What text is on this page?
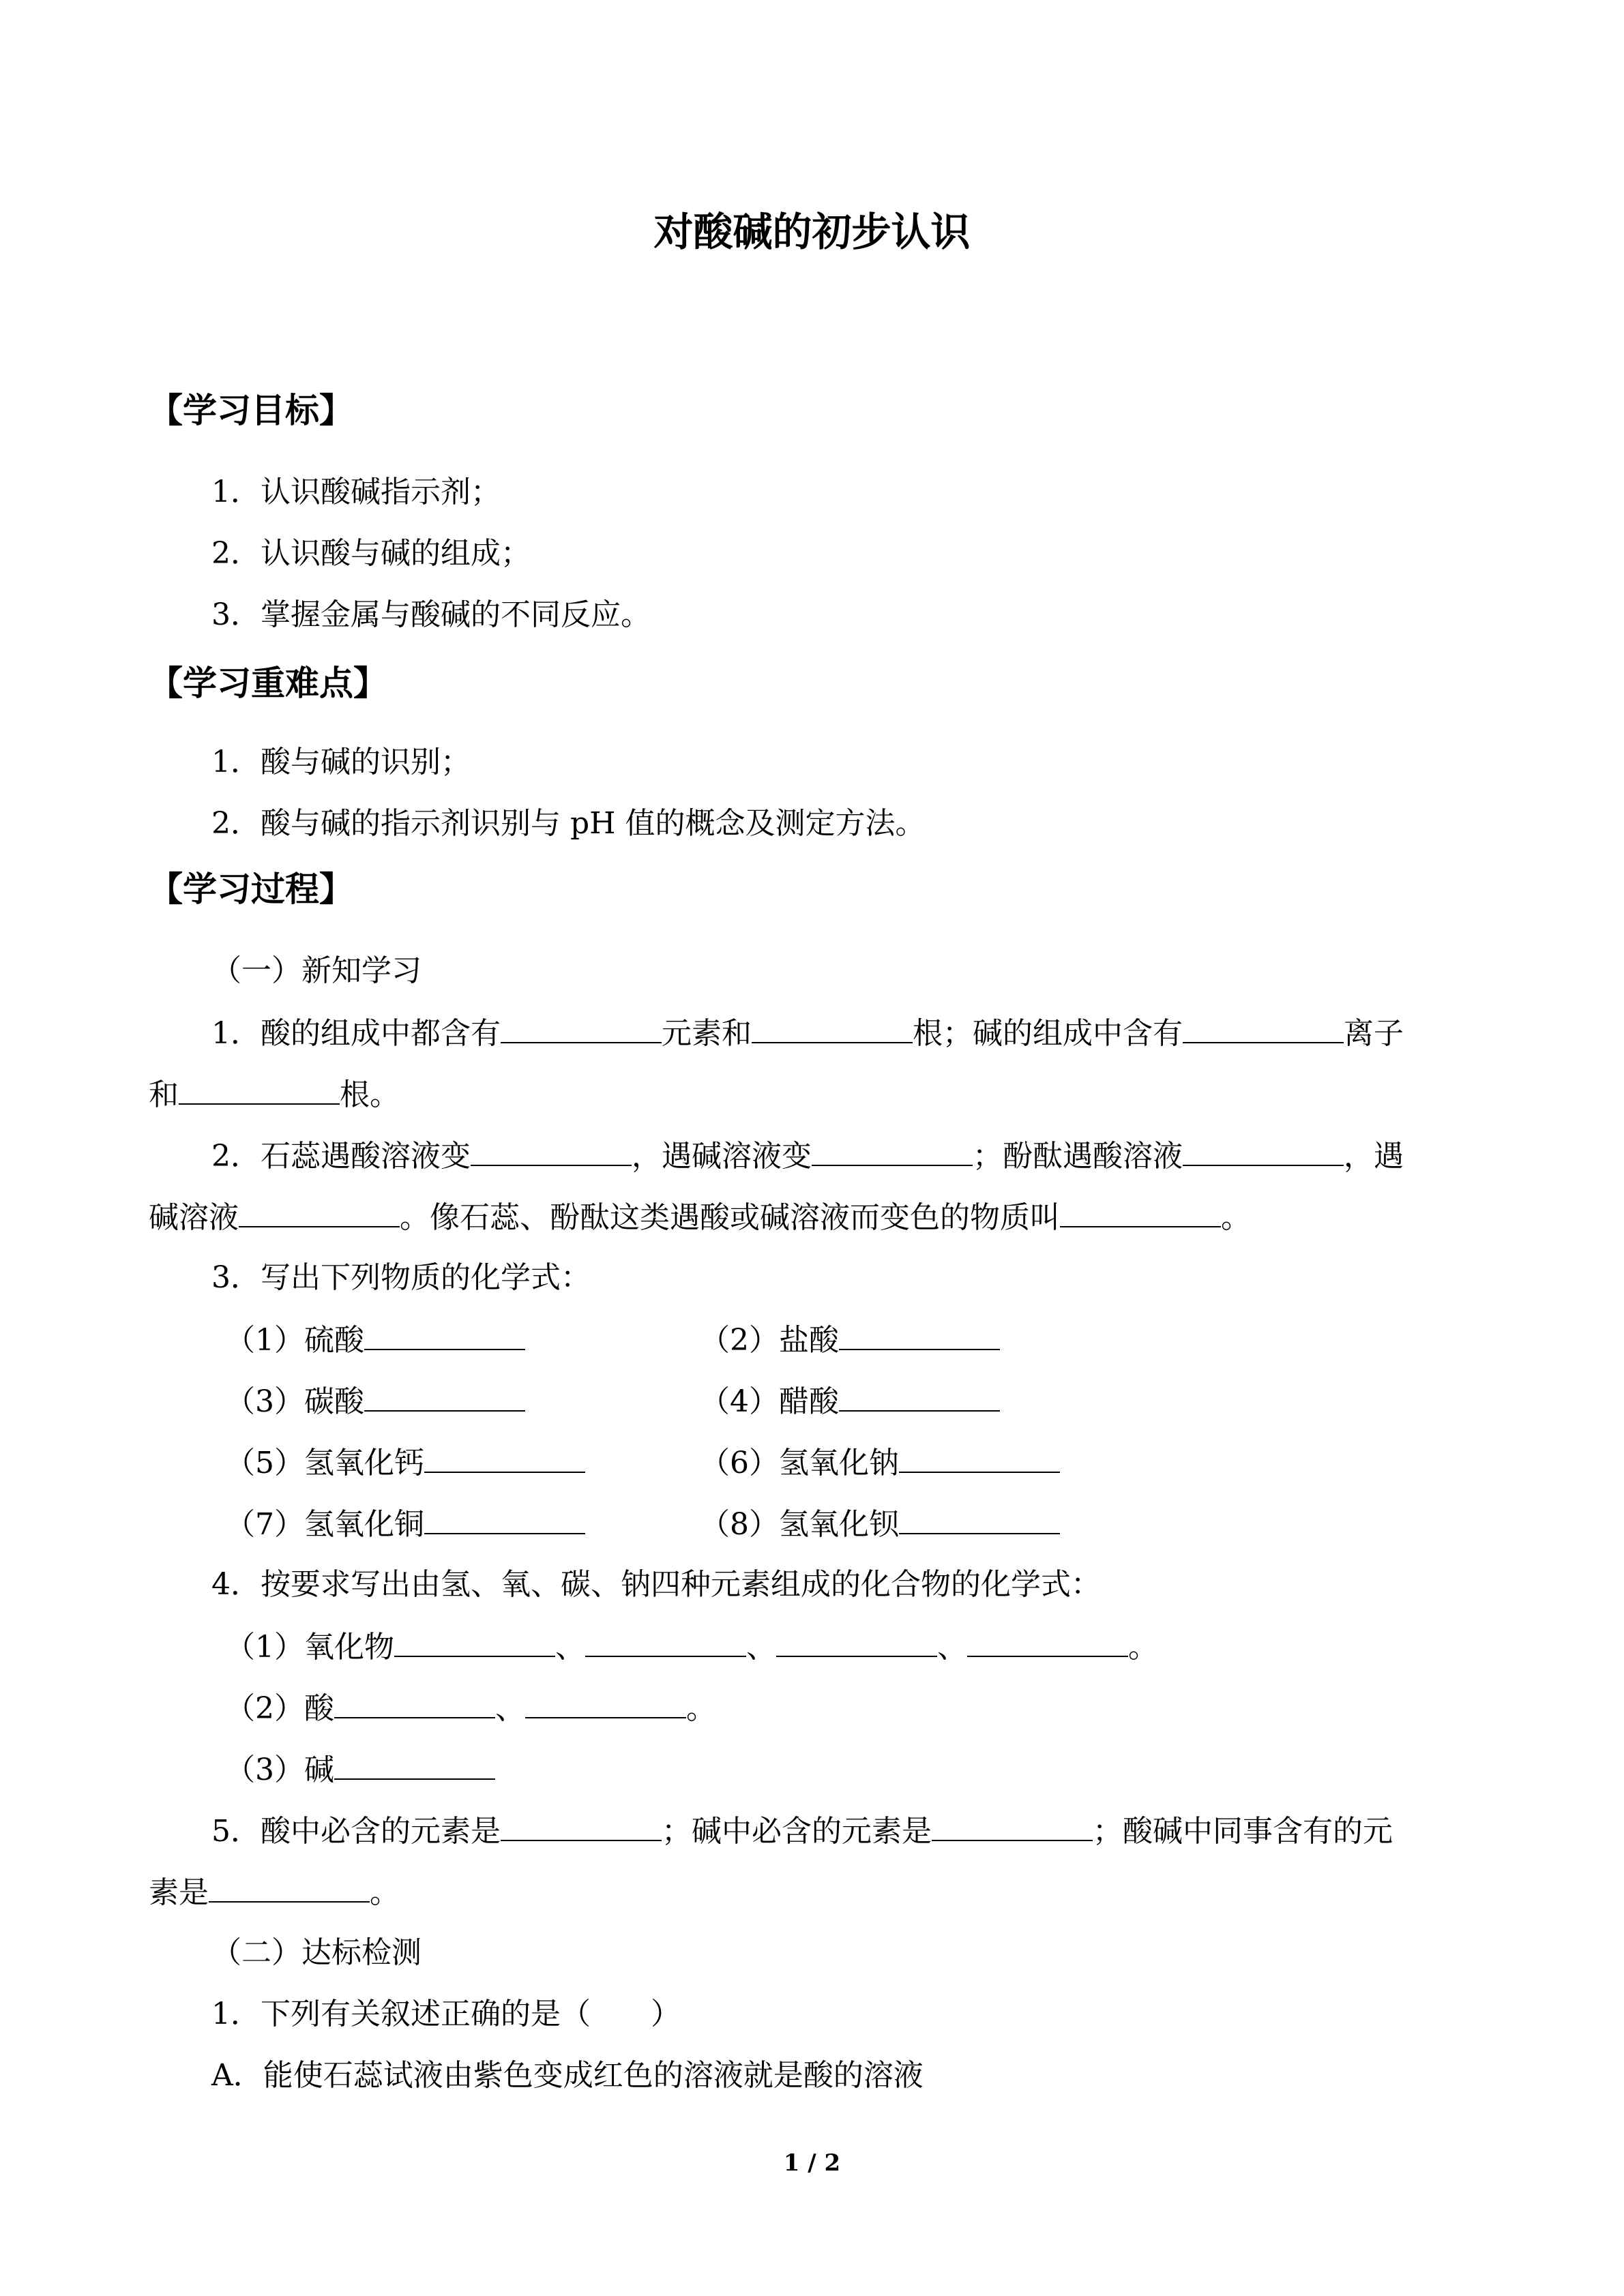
对酸碱的初步认识
【学习目标】
1．认识酸碱指示剂；
2．认识酸与碱的组成；
3．掌握金属与酸碱的不同反应。
【学习重难点】
1．酸与碱的识别；
2．酸与碱的指示剂识别与 pH 值的概念及测定方法。
【学习过程】
（一）新知学习
1．酸的组成中都含有	元素和	根；碱的组成中含有	离子
和	根。
2．石蕊遇酸溶液变	，遇碱溶液变	；酚酞遇酸溶液	，遇
碱溶液	。像石蕊、酚酞这类遇酸或碱溶液而变色的物质叫	。
3．写出下列物质的化学式：
（1）硫酸	（2）盐酸
（3）碳酸	（4）醋酸
（5）氢氧化钙	（6）氢氧化钠
（7）氢氧化铜	（8）氢氧化钡
4．按要求写出由氢、氧、碳、钠四种元素组成的化合物的化学式：
（1）氧化物	、	、	、	。
（2）酸	、	。
（3）碱
5．酸中必含的元素是	；碱中必含的元素是	；酸碱中同事含有的元
素是	。
（二）达标检测
1．下列有关叙述正确的是（　　）
A．能使石蕊试液由紫色变成红色的溶液就是酸的溶液
1 / 2
